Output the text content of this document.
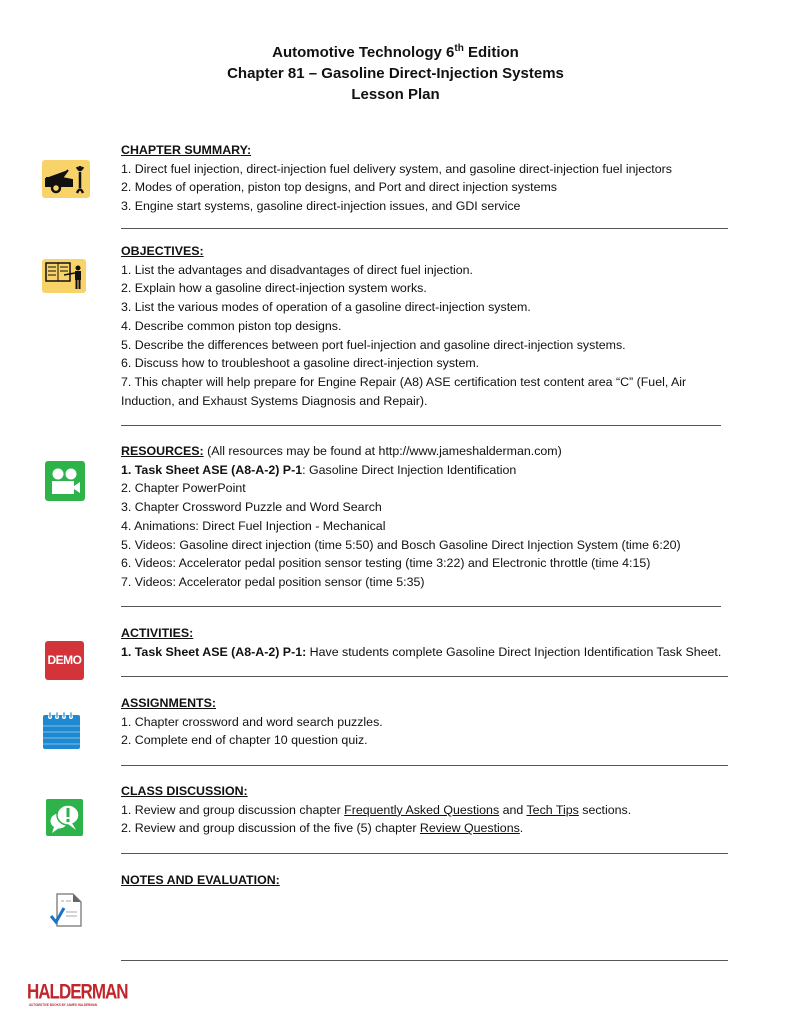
Automotive Technology 6th Edition
Chapter 81 – Gasoline Direct-Injection Systems
Lesson Plan
CHAPTER SUMMARY:
1. Direct fuel injection, direct-injection fuel delivery system, and gasoline direct-injection fuel injectors
2. Modes of operation, piston top designs, and Port and direct injection systems
3. Engine start systems, gasoline direct-injection issues, and GDI service
OBJECTIVES:
1. List the advantages and disadvantages of direct fuel injection.
2. Explain how a gasoline direct-injection system works.
3. List the various modes of operation of a gasoline direct-injection system.
4. Describe common piston top designs.
5. Describe the differences between port fuel-injection and gasoline direct-injection systems.
6. Discuss how to troubleshoot a gasoline direct-injection system.
7. This chapter will help prepare for Engine Repair (A8) ASE certification test content area “C” (Fuel, Air Induction, and Exhaust Systems Diagnosis and Repair).
RESOURCES: (All resources may be found at http://www.jameshalderman.com)
1. Task Sheet ASE (A8-A-2) P-1: Gasoline Direct Injection Identification
2. Chapter PowerPoint
3. Chapter Crossword Puzzle and Word Search
4. Animations: Direct Fuel Injection - Mechanical
5. Videos: Gasoline direct injection (time 5:50) and Bosch Gasoline Direct Injection System (time 6:20)
6. Videos: Accelerator pedal position sensor testing (time 3:22) and Electronic throttle (time 4:15)
7. Videos: Accelerator pedal position sensor (time 5:35)
DEMO
ACTIVITIES:
1. Task Sheet ASE (A8-A-2) P-1: Have students complete Gasoline Direct Injection Identification Task Sheet.
ASSIGNMENTS:
1. Chapter crossword and word search puzzles.
2. Complete end of chapter 10 question quiz.
CLASS DISCUSSION:
1. Review and group discussion chapter Frequently Asked Questions and Tech Tips sections.
2. Review and group discussion of the five (5) chapter Review Questions.
NOTES AND EVALUATION:
HALDERMAN
AUTOMOTIVE BOOKS BY JAMES HALDERMAN
